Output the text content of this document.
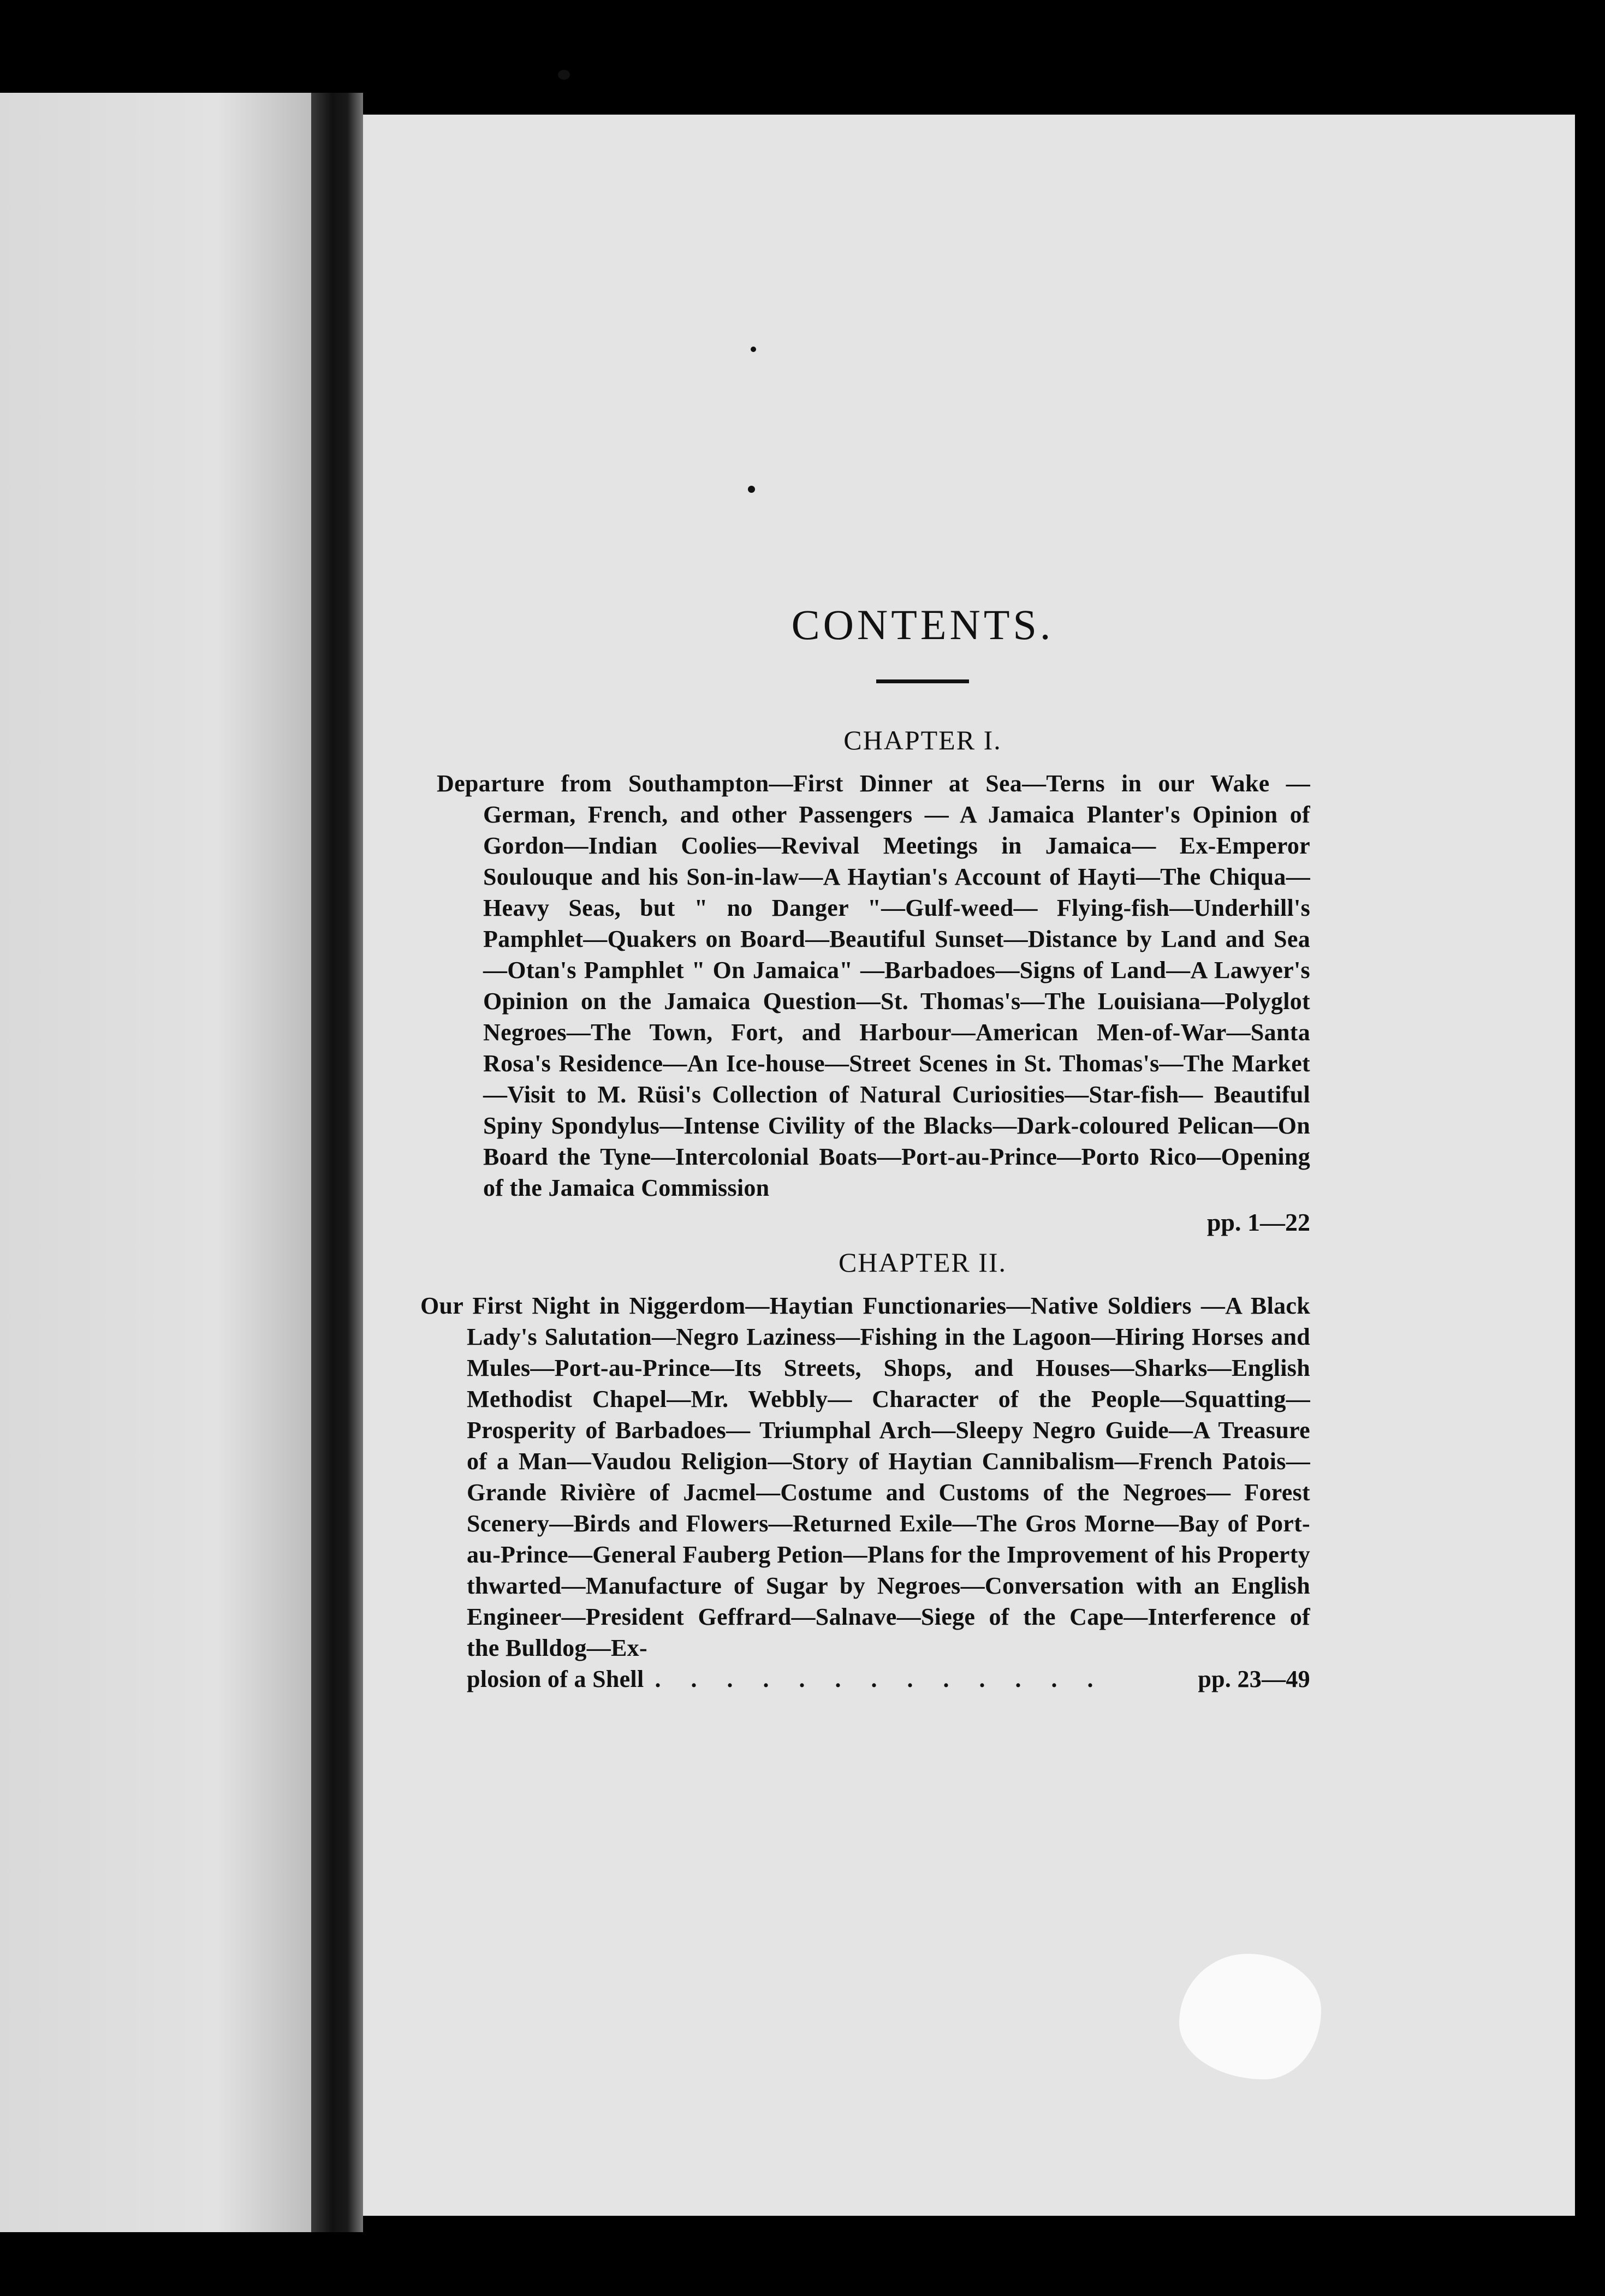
CONTENTS.
CHAPTER I.

Departure from Southampton—First Dinner at Sea—Terns in our Wake —German, French, and other Passengers — A Jamaica Planter's Opinion of Gordon—Indian Coolies—Revival Meetings in Jamaica— Ex-Emperor Soulouque and his Son-in-law—A Haytian's Account of Hayti—The Chiqua—Heavy Seas, but " no Danger "—Gulf-weed— Flying-fish—Underhill's Pamphlet—Quakers on Board—Beautiful Sunset—Distance by Land and Sea—Otan's Pamphlet " On Jamaica" —Barbadoes—Signs of Land—A Lawyer's Opinion on the Jamaica Question—St. Thomas's—The Louisiana—Polyglot Negroes—The Town, Fort, and Harbour—American Men-of-War—Santa Rosa's Residence—An Ice-house—Street Scenes in St. Thomas's—The Market—Visit to M. Rüsi's Collection of Natural Curiosities—Star-fish— Beautiful Spiny Spondylus—Intense Civility of the Blacks—Dark-coloured Pelican—On Board the Tyne—Intercolonial Boats—Port-au-Prince—Porto Rico—Opening of the Jamaica Commission

pp. 1—22

CHAPTER II.

Our First Night in Niggerdom—Haytian Functionaries—Native Soldiers —A Black Lady's Salutation—Negro Laziness—Fishing in the Lagoon—Hiring Horses and Mules—Port-au-Prince—Its Streets, Shops, and Houses—Sharks—English Methodist Chapel—Mr. Webbly— Character of the People—Squatting—Prosperity of Barbadoes— Triumphal Arch—Sleepy Negro Guide—A Treasure of a Man—Vaudou Religion—Story of Haytian Cannibalism—French Patois— Grande Rivière of Jacmel—Costume and Customs of the Negroes— Forest Scenery—Birds and Flowers—Returned Exile—The Gros Morne—Bay of Port-au-Prince—General Fauberg Petion—Plans for the Improvement of his Property thwarted—Manufacture of Sugar by Negroes—Conversation with an English Engineer—President Geffrard—Salnave—Siege of the Cape—Interference of the Bulldog—Ex-

plosion of a Shell . . . . . . . . . . . . .	pp. 23—49
